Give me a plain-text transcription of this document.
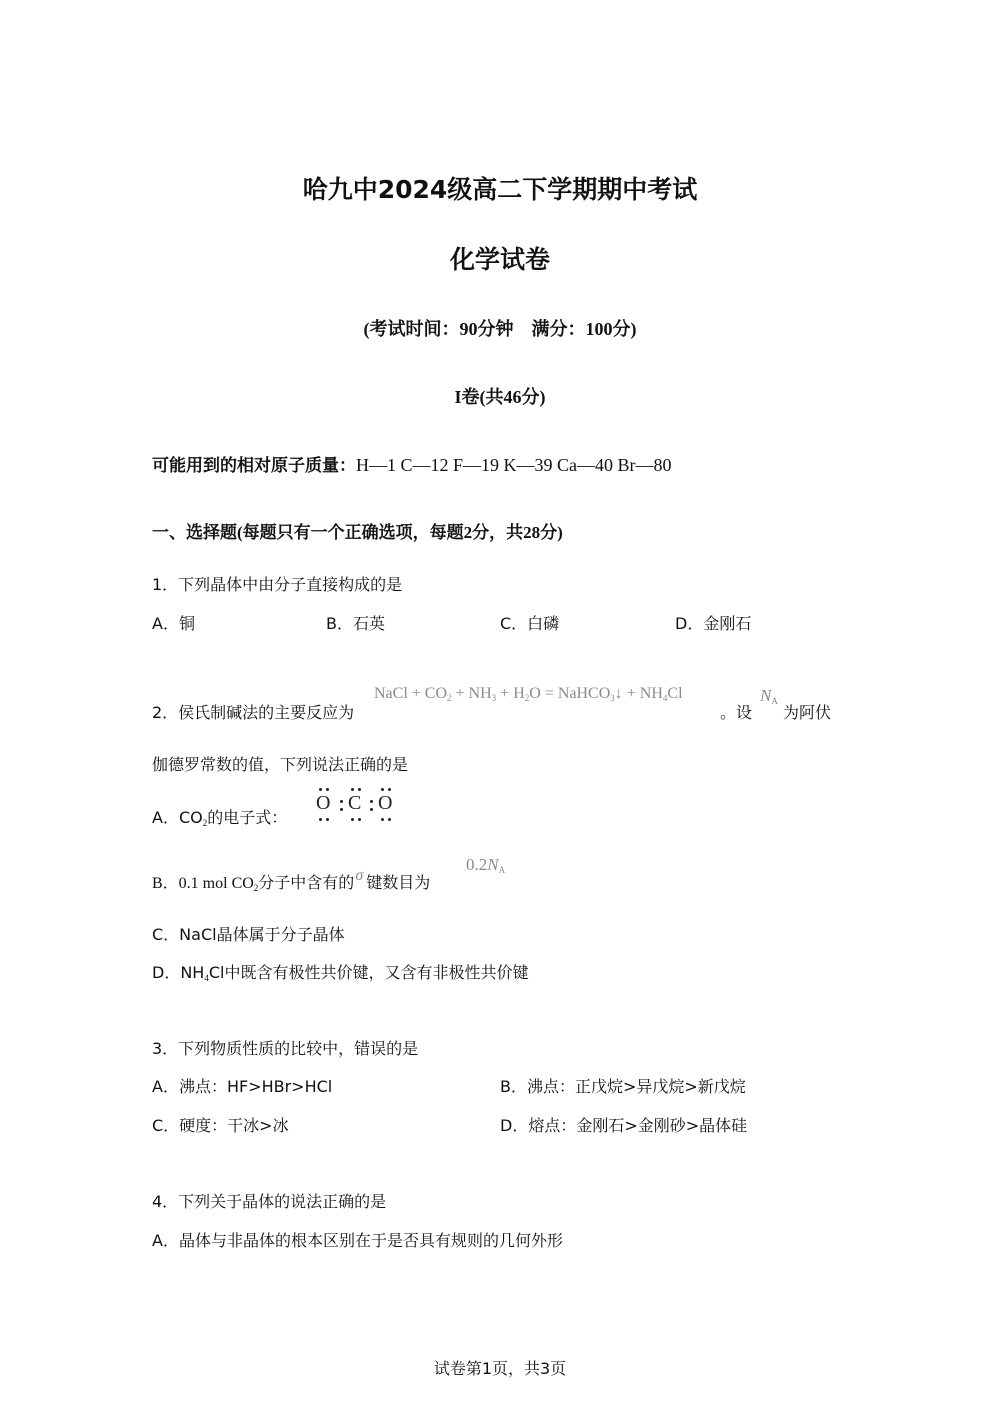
哈九中2024级高二下学期期中考试
化学试卷
(考试时间：90分钟　满分：100分)
I卷(共46分)
可能用到的相对原子质量：H—1 C—12 F—19 K—39 Ca—40 Br—80
一、选择题(每题只有一个正确选项，每题2分，共28分)
1．下列晶体中由分子直接构成的是
A．铜	B．石英	C．白磷	D．金刚石
2．侯氏制碱法的主要反应为
NaCl + $CO_2 + NH_3 + H_2O$ = NaHCO$_3$↓ + $NH_4Cl$
。设
$N_A$
为阿伏
伽德罗常数的值，下列说法正确的是
A．$CO_2$的电子式：
O C O
B．0.1 mol $CO_2$分子中含有的σ 键数目为
$0.2N_A$
C．NaCl晶体属于分子晶体
D．$NH_4Cl$中既含有极性共价键，又含有非极性共价键
3．下列物质性质的比较中，错误的是
A．沸点：HF>HBr>HCl	B．沸点：正戊烷>异戊烷>新戊烷
C．硬度：干冰>冰	D．熔点：金刚石>金刚砂>晶体硅
4．下列关于晶体的说法正确的是
A．晶体与非晶体的根本区别在于是否具有规则的几何外形
试卷第1页，共3页
